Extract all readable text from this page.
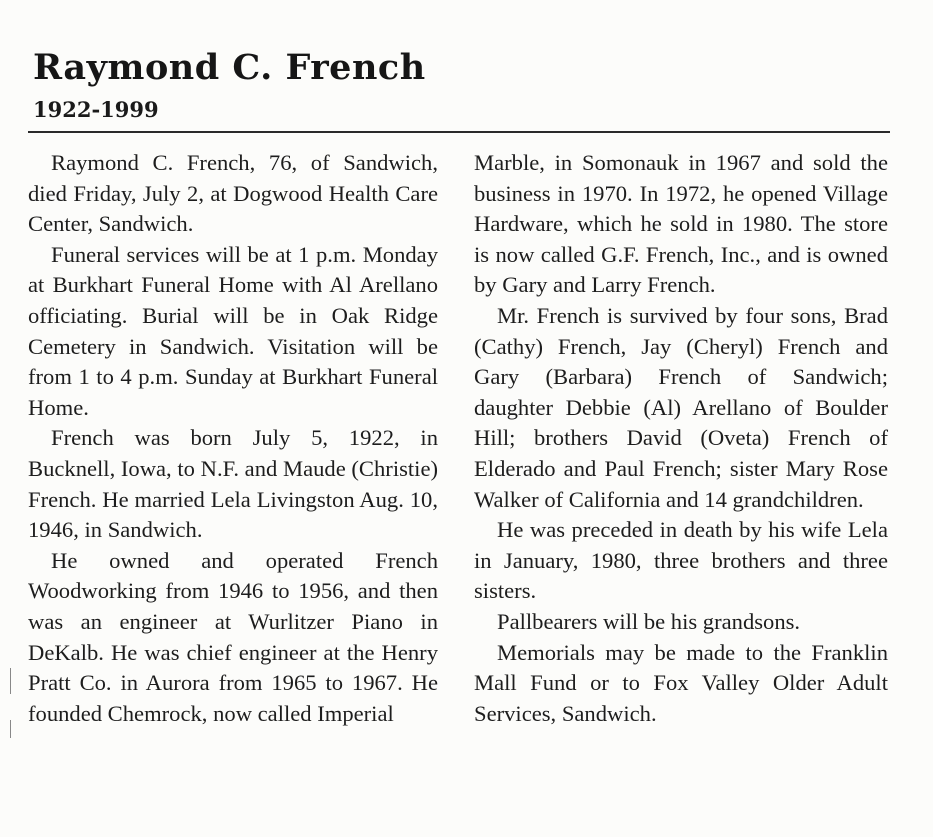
Raymond C. French
1922-1999

Raymond C. French, 76, of Sandwich, died Friday, July 2, at Dogwood Health Care Center, Sandwich.

Funeral services will be at 1 p.m. Monday at Burkhart Funeral Home with Al Arellano officiating. Burial will be in Oak Ridge Cemetery in Sandwich. Visitation will be from 1 to 4 p.m. Sunday at Burkhart Funeral Home.

French was born July 5, 1922, in Bucknell, Iowa, to N.F. and Maude (Christie) French. He married Lela Livingston Aug. 10, 1946, in Sandwich.

He owned and operated French Woodworking from 1946 to 1956, and then was an engineer at Wurlitzer Piano in DeKalb. He was chief engineer at the Henry Pratt Co. in Aurora from 1965 to 1967. He founded Chemrock, now called Imperial

Marble, in Somonauk in 1967 and sold the business in 1970. In 1972, he opened Village Hardware, which he sold in 1980. The store is now called G.F. French, Inc., and is owned by Gary and Larry French.

Mr. French is survived by four sons, Brad (Cathy) French, Jay (Cheryl) French and Gary (Barbara) French of Sandwich; daughter Debbie (Al) Arellano of Boulder Hill; brothers David (Oveta) French of Elderado and Paul French; sister Mary Rose Walker of California and 14 grandchildren.

He was preceded in death by his wife Lela in January, 1980, three brothers and three sisters.

Pallbearers will be his grandsons.

Memorials may be made to the Franklin Mall Fund or to Fox Valley Older Adult Services, Sandwich.
